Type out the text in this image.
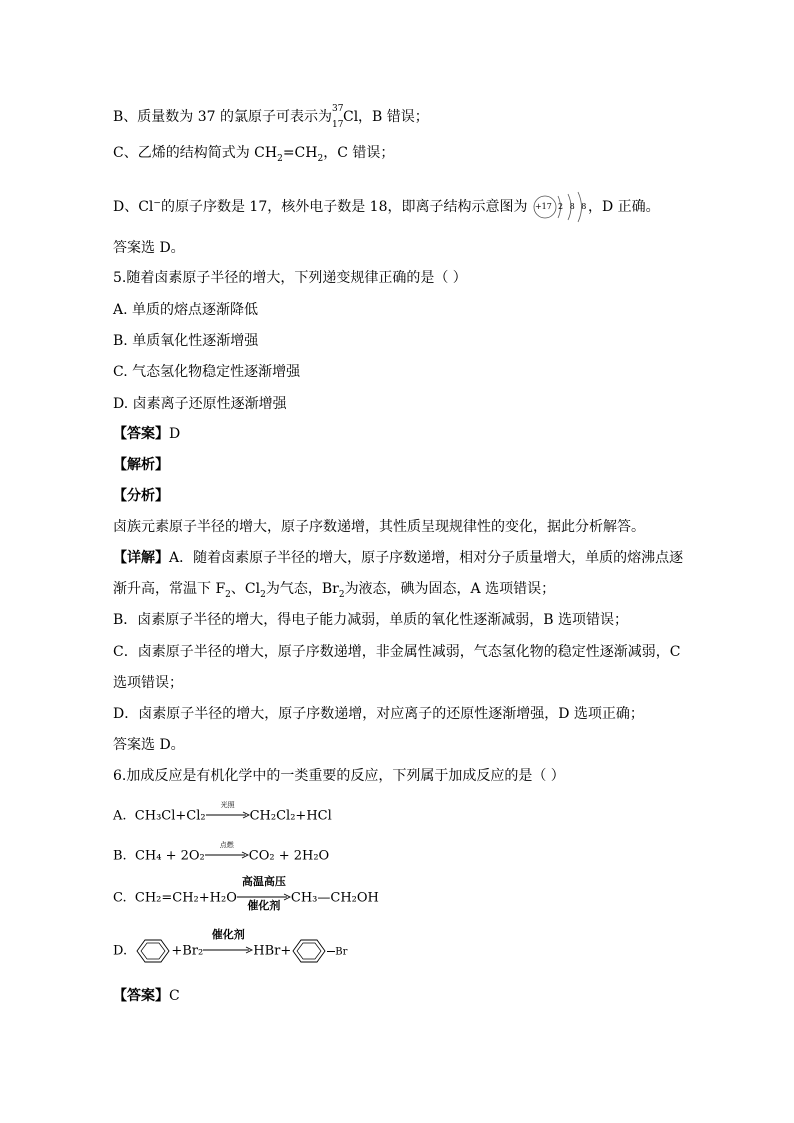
B、质量数为 37 的氯原子可表示为 37
17 Cl，B 错误；
C、乙烯的结构简式为 $CH_2=CH_2$，C 错误；
D、Cl−的原子序数是 17，核外电子数是 18，即离子结构示意图为 +17 2 8 8 ，D 正确。
答案选 D。
5.随着卤素原子半径的增大，下列递变规律正确的是（ ）
A. 单质的熔点逐渐降低
B. 单质氧化性逐渐增强
C. 气态氢化物稳定性逐渐增强
D. 卤素离子还原性逐渐增强
【答案】D
【解析】
【分析】
卤族元素原子半径的增大，原子序数递增，其性质呈现规律性的变化，据此分析解答。
【详解】A．随着卤素原子半径的增大，原子序数递增，相对分子质量增大，单质的熔沸点逐
渐升高，常温下 $F_2$、$Cl_2$为气态，$Br_2$为液态，碘为固态，A 选项错误；
B．卤素原子半径的增大，得电子能力减弱，单质的氧化性逐渐减弱，B 选项错误；
C．卤素原子半径的增大，原子序数递增，非金属性减弱，气态氢化物的稳定性逐渐减弱，C
选项错误；
D．卤素原子半径的增大，原子序数递增，对应离子的还原性逐渐增强，D 选项正确；
答案选 D。
6.加成反应是有机化学中的一类重要的反应，下列属于加成反应的是（ ）
A. CH₃Cl+Cl₂
光照
CH₂Cl₂+HCl
B. CH₄ + 2O₂
点燃
CO₂ + 2H₂O
C. CH₂=CH₂+H₂O
高温高压
催化剂 CH₃—CH₂OH
D.	+Br₂
催化剂
HBr+	Br
【答案】C
